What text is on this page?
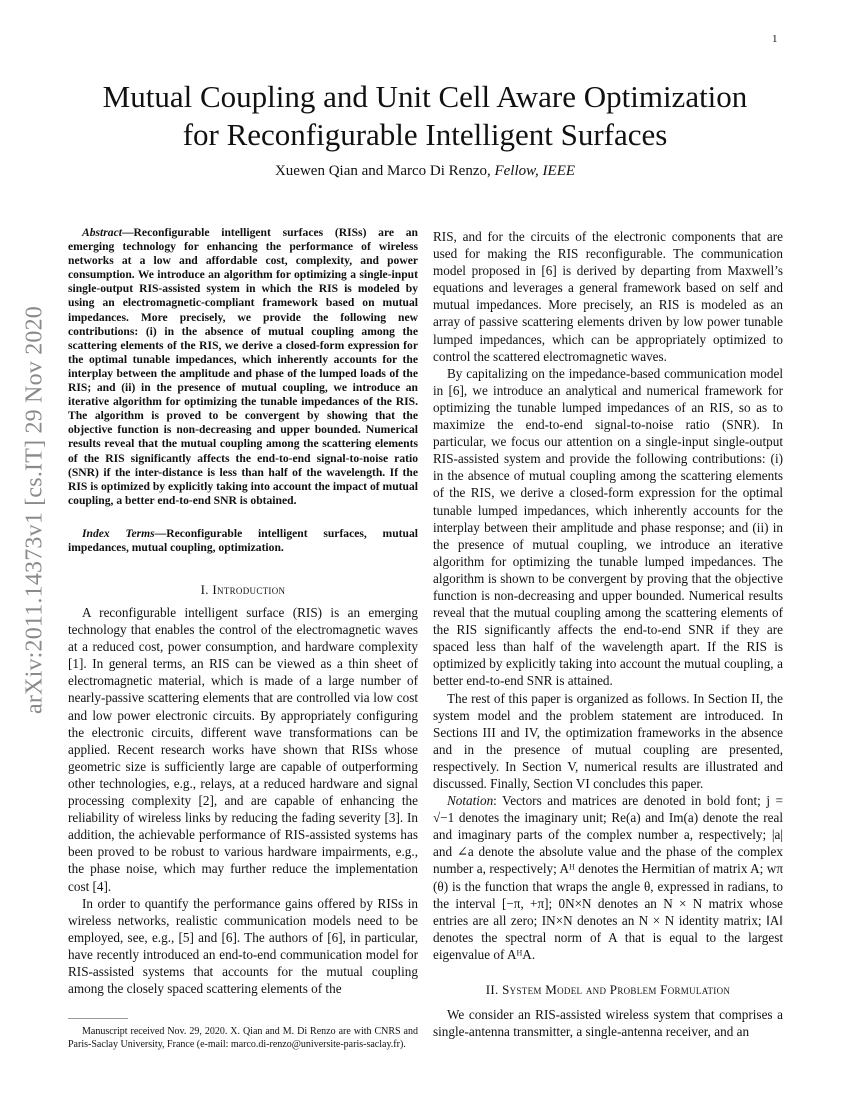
1
arXiv:2011.14373v1 [cs.IT] 29 Nov 2020
Mutual Coupling and Unit Cell Aware Optimization
for Reconfigurable Intelligent Surfaces
Xuewen Qian and Marco Di Renzo, Fellow, IEEE
Abstract—Reconfigurable intelligent surfaces (RISs) are an emerging technology for enhancing the performance of wireless networks at a low and affordable cost, complexity, and power consumption. We introduce an algorithm for optimizing a single-input single-output RIS-assisted system in which the RIS is modeled by using an electromagnetic-compliant framework based on mutual impedances. More precisely, we provide the following new contributions: (i) in the absence of mutual coupling among the scattering elements of the RIS, we derive a closed-form expression for the optimal tunable impedances, which inherently accounts for the interplay between the amplitude and phase of the lumped loads of the RIS; and (ii) in the presence of mutual coupling, we introduce an iterative algorithm for optimizing the tunable impedances of the RIS. The algorithm is proved to be convergent by showing that the objective function is non-decreasing and upper bounded. Numerical results reveal that the mutual coupling among the scattering elements of the RIS significantly affects the end-to-end signal-to-noise ratio (SNR) if the inter-distance is less than half of the wavelength. If the RIS is optimized by explicitly taking into account the impact of mutual coupling, a better end-to-end SNR is obtained.
Index Terms—Reconfigurable intelligent surfaces, mutual impedances, mutual coupling, optimization.
I. Introduction

A reconfigurable intelligent surface (RIS) is an emerging technology that enables the control of the electromagnetic waves at a reduced cost, power consumption, and hardware complexity [1]. In general terms, an RIS can be viewed as a thin sheet of electromagnetic material, which is made of a large number of nearly-passive scattering elements that are controlled via low cost and low power electronic circuits. By appropriately configuring the electronic circuits, different wave transformations can be applied. Recent research works have shown that RISs whose geometric size is sufficiently large are capable of outperforming other technologies, e.g., relays, at a reduced hardware and signal processing complexity [2], and are capable of enhancing the reliability of wireless links by reducing the fading severity [3]. In addition, the achievable performance of RIS-assisted systems has been proved to be robust to various hardware impairments, e.g., the phase noise, which may further reduce the implementation cost [4].

In order to quantify the performance gains offered by RISs in wireless networks, realistic communication models need to be employed, see, e.g., [5] and [6]. The authors of [6], in particular, have recently introduced an end-to-end communication model for RIS-assisted systems that accounts for the mutual coupling among the closely spaced scattering elements of the

Manuscript received Nov. 29, 2020. X. Qian and M. Di Renzo are with CNRS and Paris-Saclay University, France (e-mail: marco.di-renzo@universite-paris-saclay.fr).

RIS, and for the circuits of the electronic components that are used for making the RIS reconfigurable. The communication model proposed in [6] is derived by departing from Maxwell’s equations and leverages a general framework based on self and mutual impedances. More precisely, an RIS is modeled as an array of passive scattering elements driven by low power tunable lumped impedances, which can be appropriately optimized to control the scattered electromagnetic waves.

By capitalizing on the impedance-based communication model in [6], we introduce an analytical and numerical framework for optimizing the tunable lumped impedances of an RIS, so as to maximize the end-to-end signal-to-noise ratio (SNR). In particular, we focus our attention on a single-input single-output RIS-assisted system and provide the following contributions: (i) in the absence of mutual coupling among the scattering elements of the RIS, we derive a closed-form expression for the optimal tunable lumped impedances, which inherently accounts for the interplay between their amplitude and phase response; and (ii) in the presence of mutual coupling, we introduce an iterative algorithm for optimizing the tunable lumped impedances. The algorithm is shown to be convergent by proving that the objective function is non-decreasing and upper bounded. Numerical results reveal that the mutual coupling among the scattering elements of the RIS significantly affects the end-to-end SNR if they are spaced less than half of the wavelength apart. If the RIS is optimized by explicitly taking into account the mutual coupling, a better end-to-end SNR is attained.

The rest of this paper is organized as follows. In Section II, the system model and the problem statement are introduced. In Sections III and IV, the optimization frameworks in the absence and in the presence of mutual coupling are presented, respectively. In Section V, numerical results are illustrated and discussed. Finally, Section VI concludes this paper.

Notation: Vectors and matrices are denoted in bold font; j = √−1 denotes the imaginary unit; Re(a) and Im(a) denote the real and imaginary parts of the complex number a, respectively; |a| and ∠a denote the absolute value and the phase of the complex number a, respectively; Aᴴ denotes the Hermitian of matrix A; wπ (θ) is the function that wraps the angle θ, expressed in radians, to the interval [−π, +π]; 0N×N denotes an N × N matrix whose entries are all zero; IN×N denotes an N × N identity matrix; ‖A‖ denotes the spectral norm of A that is equal to the largest eigenvalue of AᴴA.

II. System Model and Problem Formulation

We consider an RIS-assisted wireless system that comprises a single-antenna transmitter, a single-antenna receiver, and an
